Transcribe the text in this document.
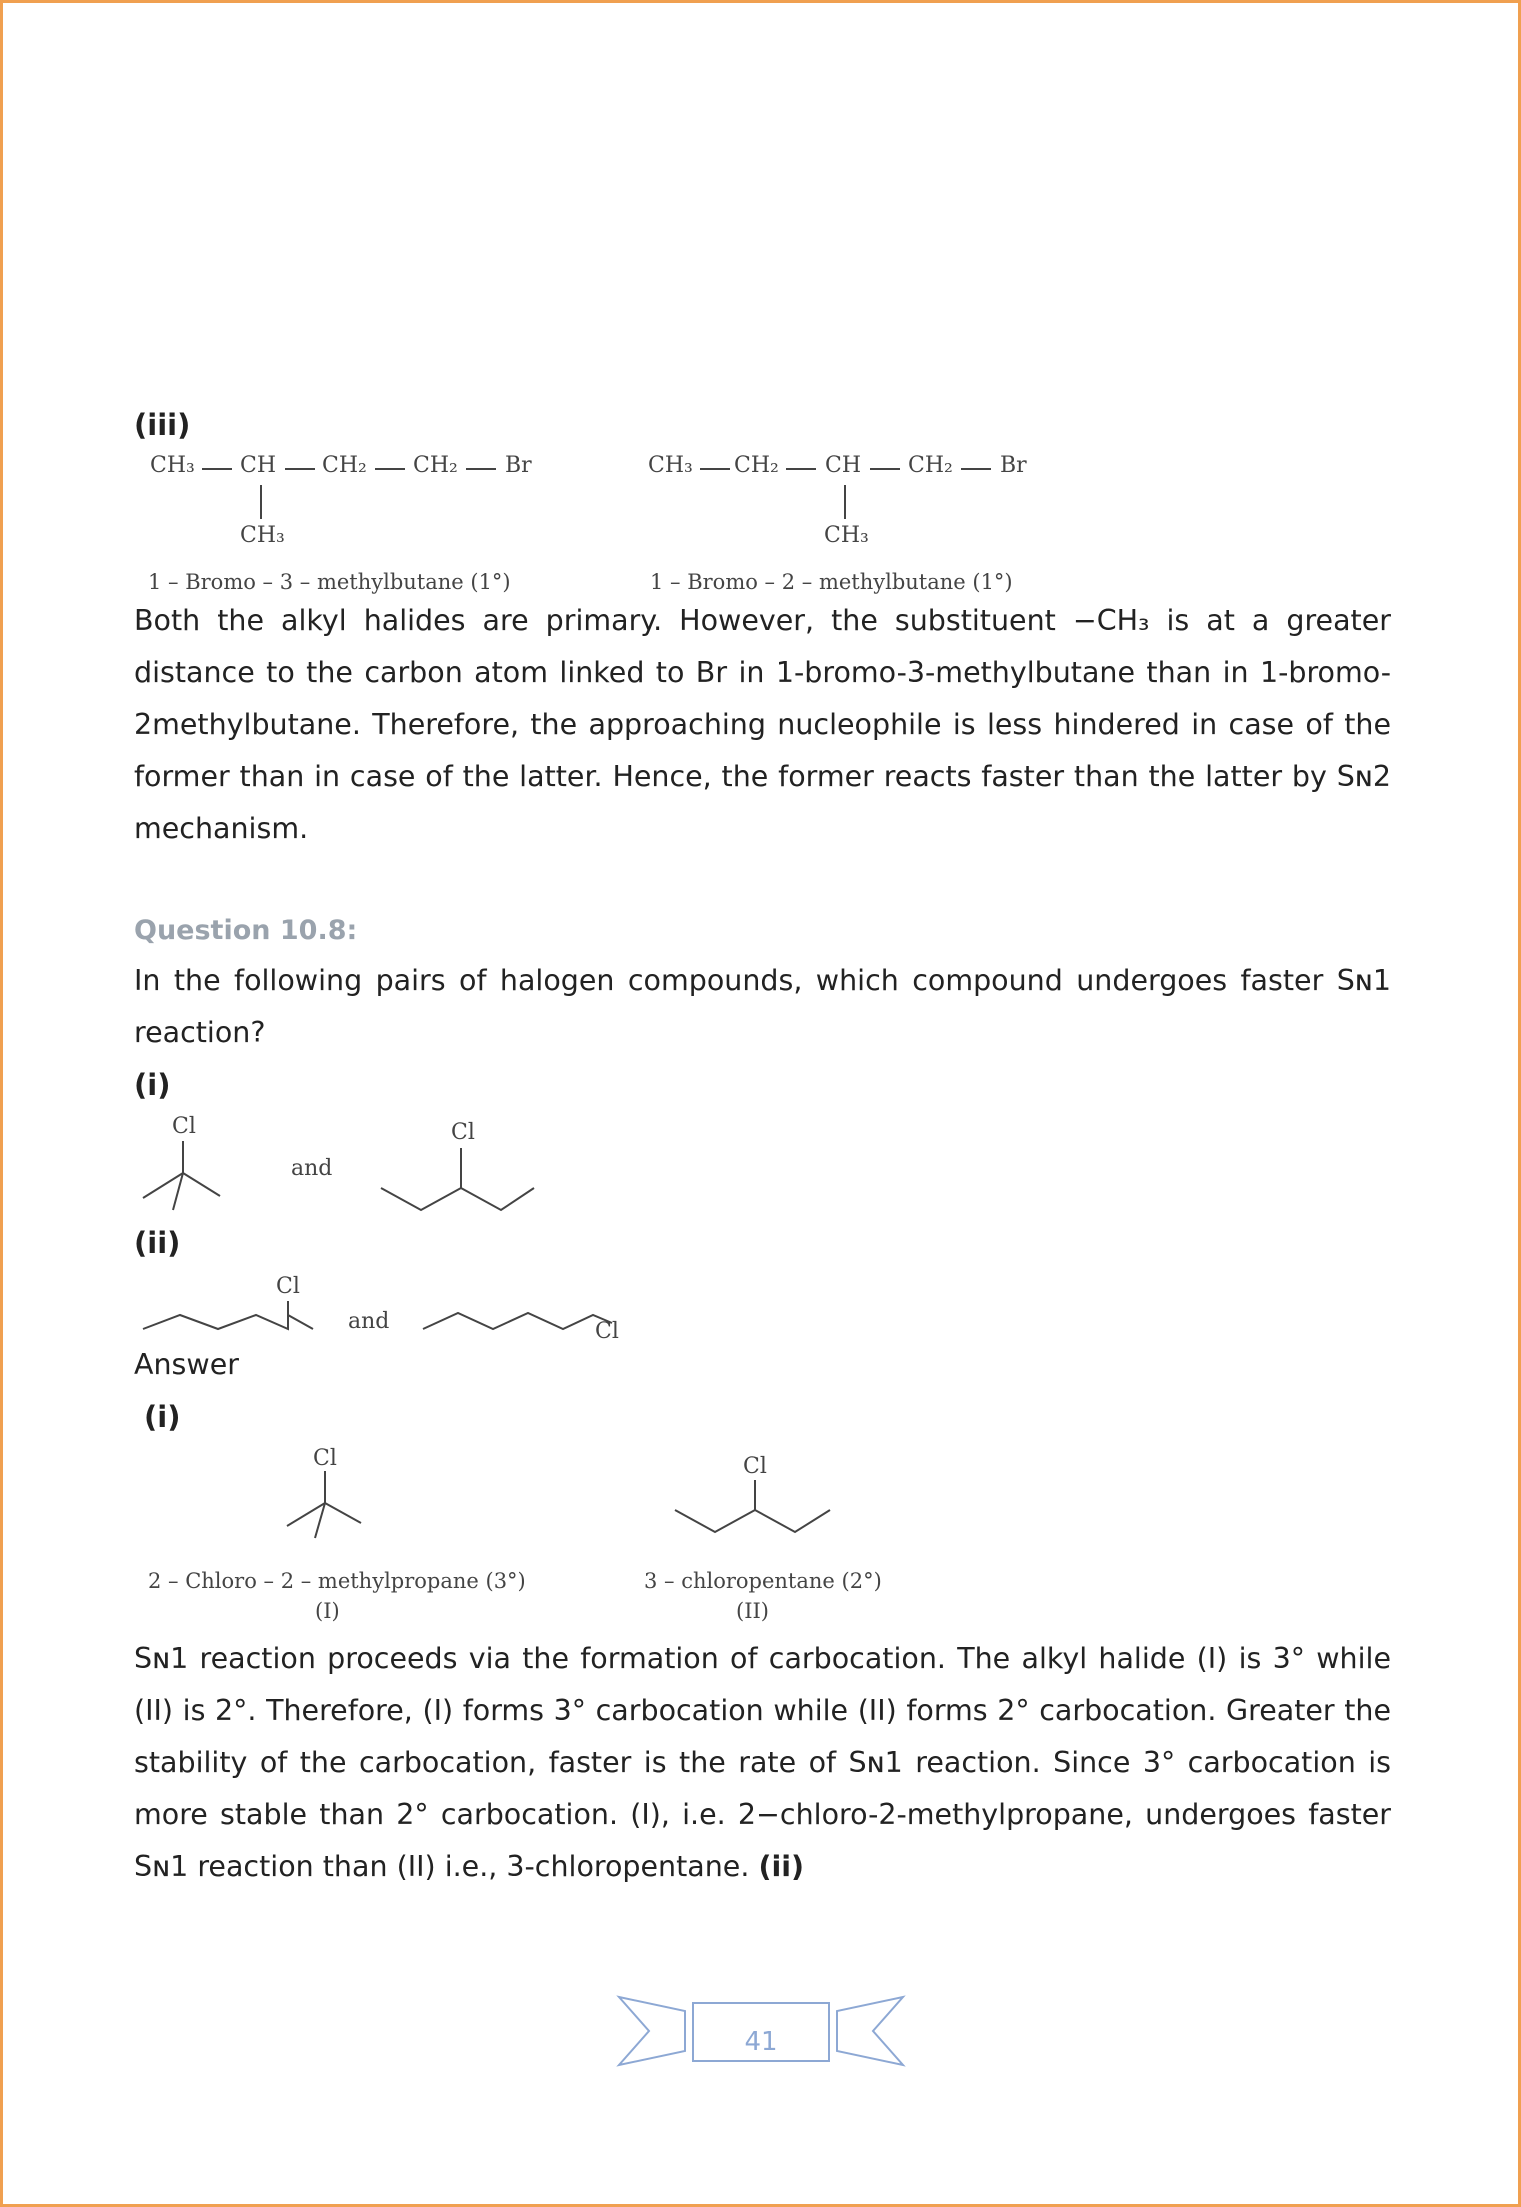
(iii)
CH₃ CH CH₂ CH₂ Br
CH₃
1 – Bromo – 3 – methylbutane (1°)
CH₃ CH₂ CH CH₂ Br
CH₃
1 – Bromo – 2 – methylbutane (1°)
Both the alkyl halides are primary. However, the substituent −CH₃ is at a greater distance to the carbon atom linked to Br in 1-bromo-3-methylbutane than in 1-bromo-2methylbutane. Therefore, the approaching nucleophile is less hindered in case of the former than in case of the latter. Hence, the former reacts faster than the latter by Sɴ2 mechanism.
Question 10.8:
In the following pairs of halogen compounds, which compound undergoes faster Sɴ1 reaction?
(i)
Cl
and
Cl
(ii)
Cl
and	Cl
Answer
(i)
Cl
2 – Chloro – 2 – methylpropane (3°)
(I)
Cl
3 – chloropentane (2°)
(II)
Sɴ1 reaction proceeds via the formation of carbocation. The alkyl halide (I) is 3° while (II) is 2°. Therefore, (I) forms 3° carbocation while (II) forms 2° carbocation. Greater the stability of the carbocation, faster is the rate of Sɴ1 reaction. Since 3° carbocation is more stable than 2° carbocation. (I), i.e. 2−chloro-2-methylpropane, undergoes faster Sɴ1 reaction than (II) i.e., 3-chloropentane. (ii)
41
